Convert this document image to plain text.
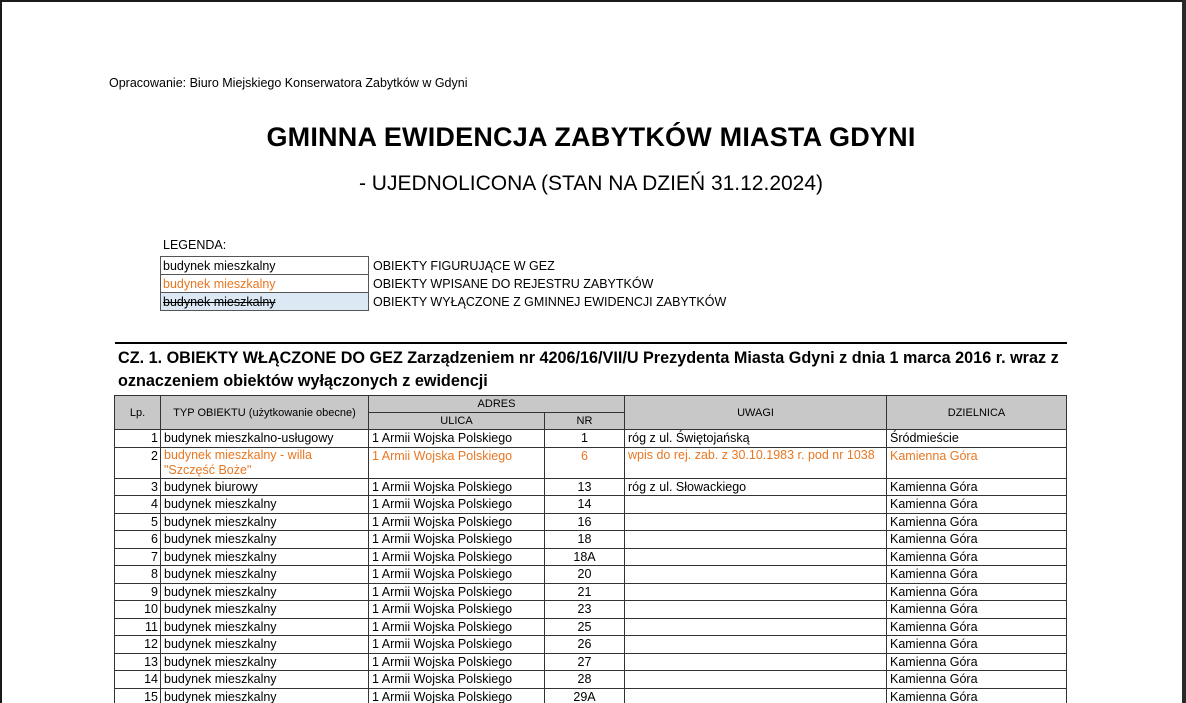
Opracowanie: Biuro Miejskiego Konserwatora Zabytków w Gdyni
GMINNA EWIDENCJA ZABYTKÓW MIASTA GDYNI
- UJEDNOLICONA (STAN NA DZIEŃ 31.12.2024)
LEGENDA:
budynek mieszkalny	OBIEKTY FIGURUJĄCE W GEZ
budynek mieszkalny	OBIEKTY WPISANE DO REJESTRU ZABYTKÓW
budynek mieszkalny	OBIEKTY WYŁĄCZONE Z GMINNEJ EWIDENCJI ZABYTKÓW
CZ. 1. OBIEKTY WŁĄCZONE DO GEZ Zarządzeniem nr 4206/16/VII/U Prezydenta Miasta Gdyni z dnia 1 marca 2016 r. wraz z oznaczeniem obiektów wyłączonych z ewidencji
Lp.	TYP OBIEKTU (użytkowanie obecne)	ADRES		UWAGI	DZIELNICA
		ULICA	NR		
1	budynek mieszkalno-usługowy	1 Armii Wojska Polskiego	1	róg z ul. Świętojańską	Śródmieście
2	budynek mieszkalny - willa "Szczęść Boże"	1 Armii Wojska Polskiego	6	wpis do rej. zab. z 30.10.1983 r. pod nr 1038	Kamienna Góra
3	budynek biurowy	1 Armii Wojska Polskiego	13	róg z ul. Słowackiego	Kamienna Góra
4	budynek mieszkalny	1 Armii Wojska Polskiego	14		Kamienna Góra
5	budynek mieszkalny	1 Armii Wojska Polskiego	16		Kamienna Góra
6	budynek mieszkalny	1 Armii Wojska Polskiego	18		Kamienna Góra
7	budynek mieszkalny	1 Armii Wojska Polskiego	18A		Kamienna Góra
8	budynek mieszkalny	1 Armii Wojska Polskiego	20		Kamienna Góra
9	budynek mieszkalny	1 Armii Wojska Polskiego	21		Kamienna Góra
10	budynek mieszkalny	1 Armii Wojska Polskiego	23		Kamienna Góra
11	budynek mieszkalny	1 Armii Wojska Polskiego	25		Kamienna Góra
12	budynek mieszkalny	1 Armii Wojska Polskiego	26		Kamienna Góra
13	budynek mieszkalny	1 Armii Wojska Polskiego	27		Kamienna Góra
14	budynek mieszkalny	1 Armii Wojska Polskiego	28		Kamienna Góra
15	budynek mieszkalny	1 Armii Wojska Polskiego	29A		Kamienna Góra
